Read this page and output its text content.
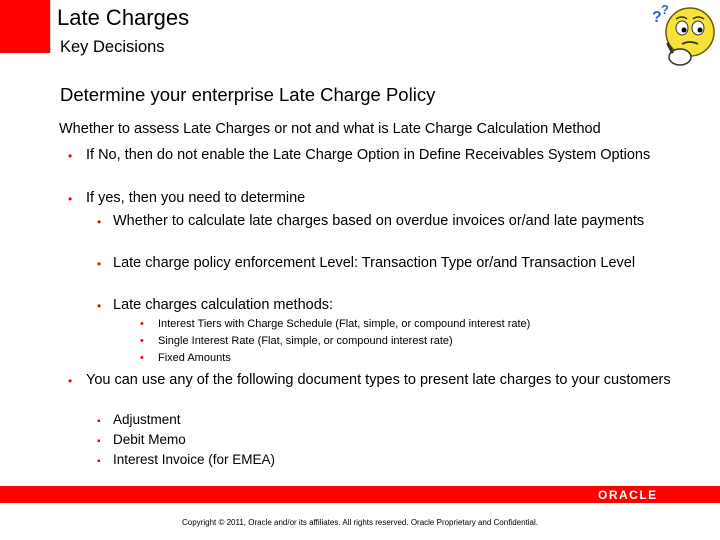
Late Charges
Key Decisions
? ?
Determine your enterprise Late Charge Policy

Whether to assess Late Charges or not and what is Late Charge Calculation Method

• If No, then do not enable the Late Charge Option in Define Receivables System Options
• If yes, then you need to determine
• Whether to calculate late charges based on overdue invoices or/and late payments
• Late charge policy enforcement Level: Transaction Type or/and Transaction Level
• Late charges calculation methods:
• Interest Tiers with Charge Schedule (Flat, simple, or compound interest rate)
• Single Interest Rate (Flat, simple, or compound interest rate)
• Fixed Amounts
• You can use any of the following document types to present late charges to your customers
▪ Adjustment
▪ Debit Memo
▪ Interest Invoice (for EMEA)
ORACLE
Copyright © 2011, Oracle and/or its affiliates. All rights reserved. Oracle Proprietary and Confidential.
